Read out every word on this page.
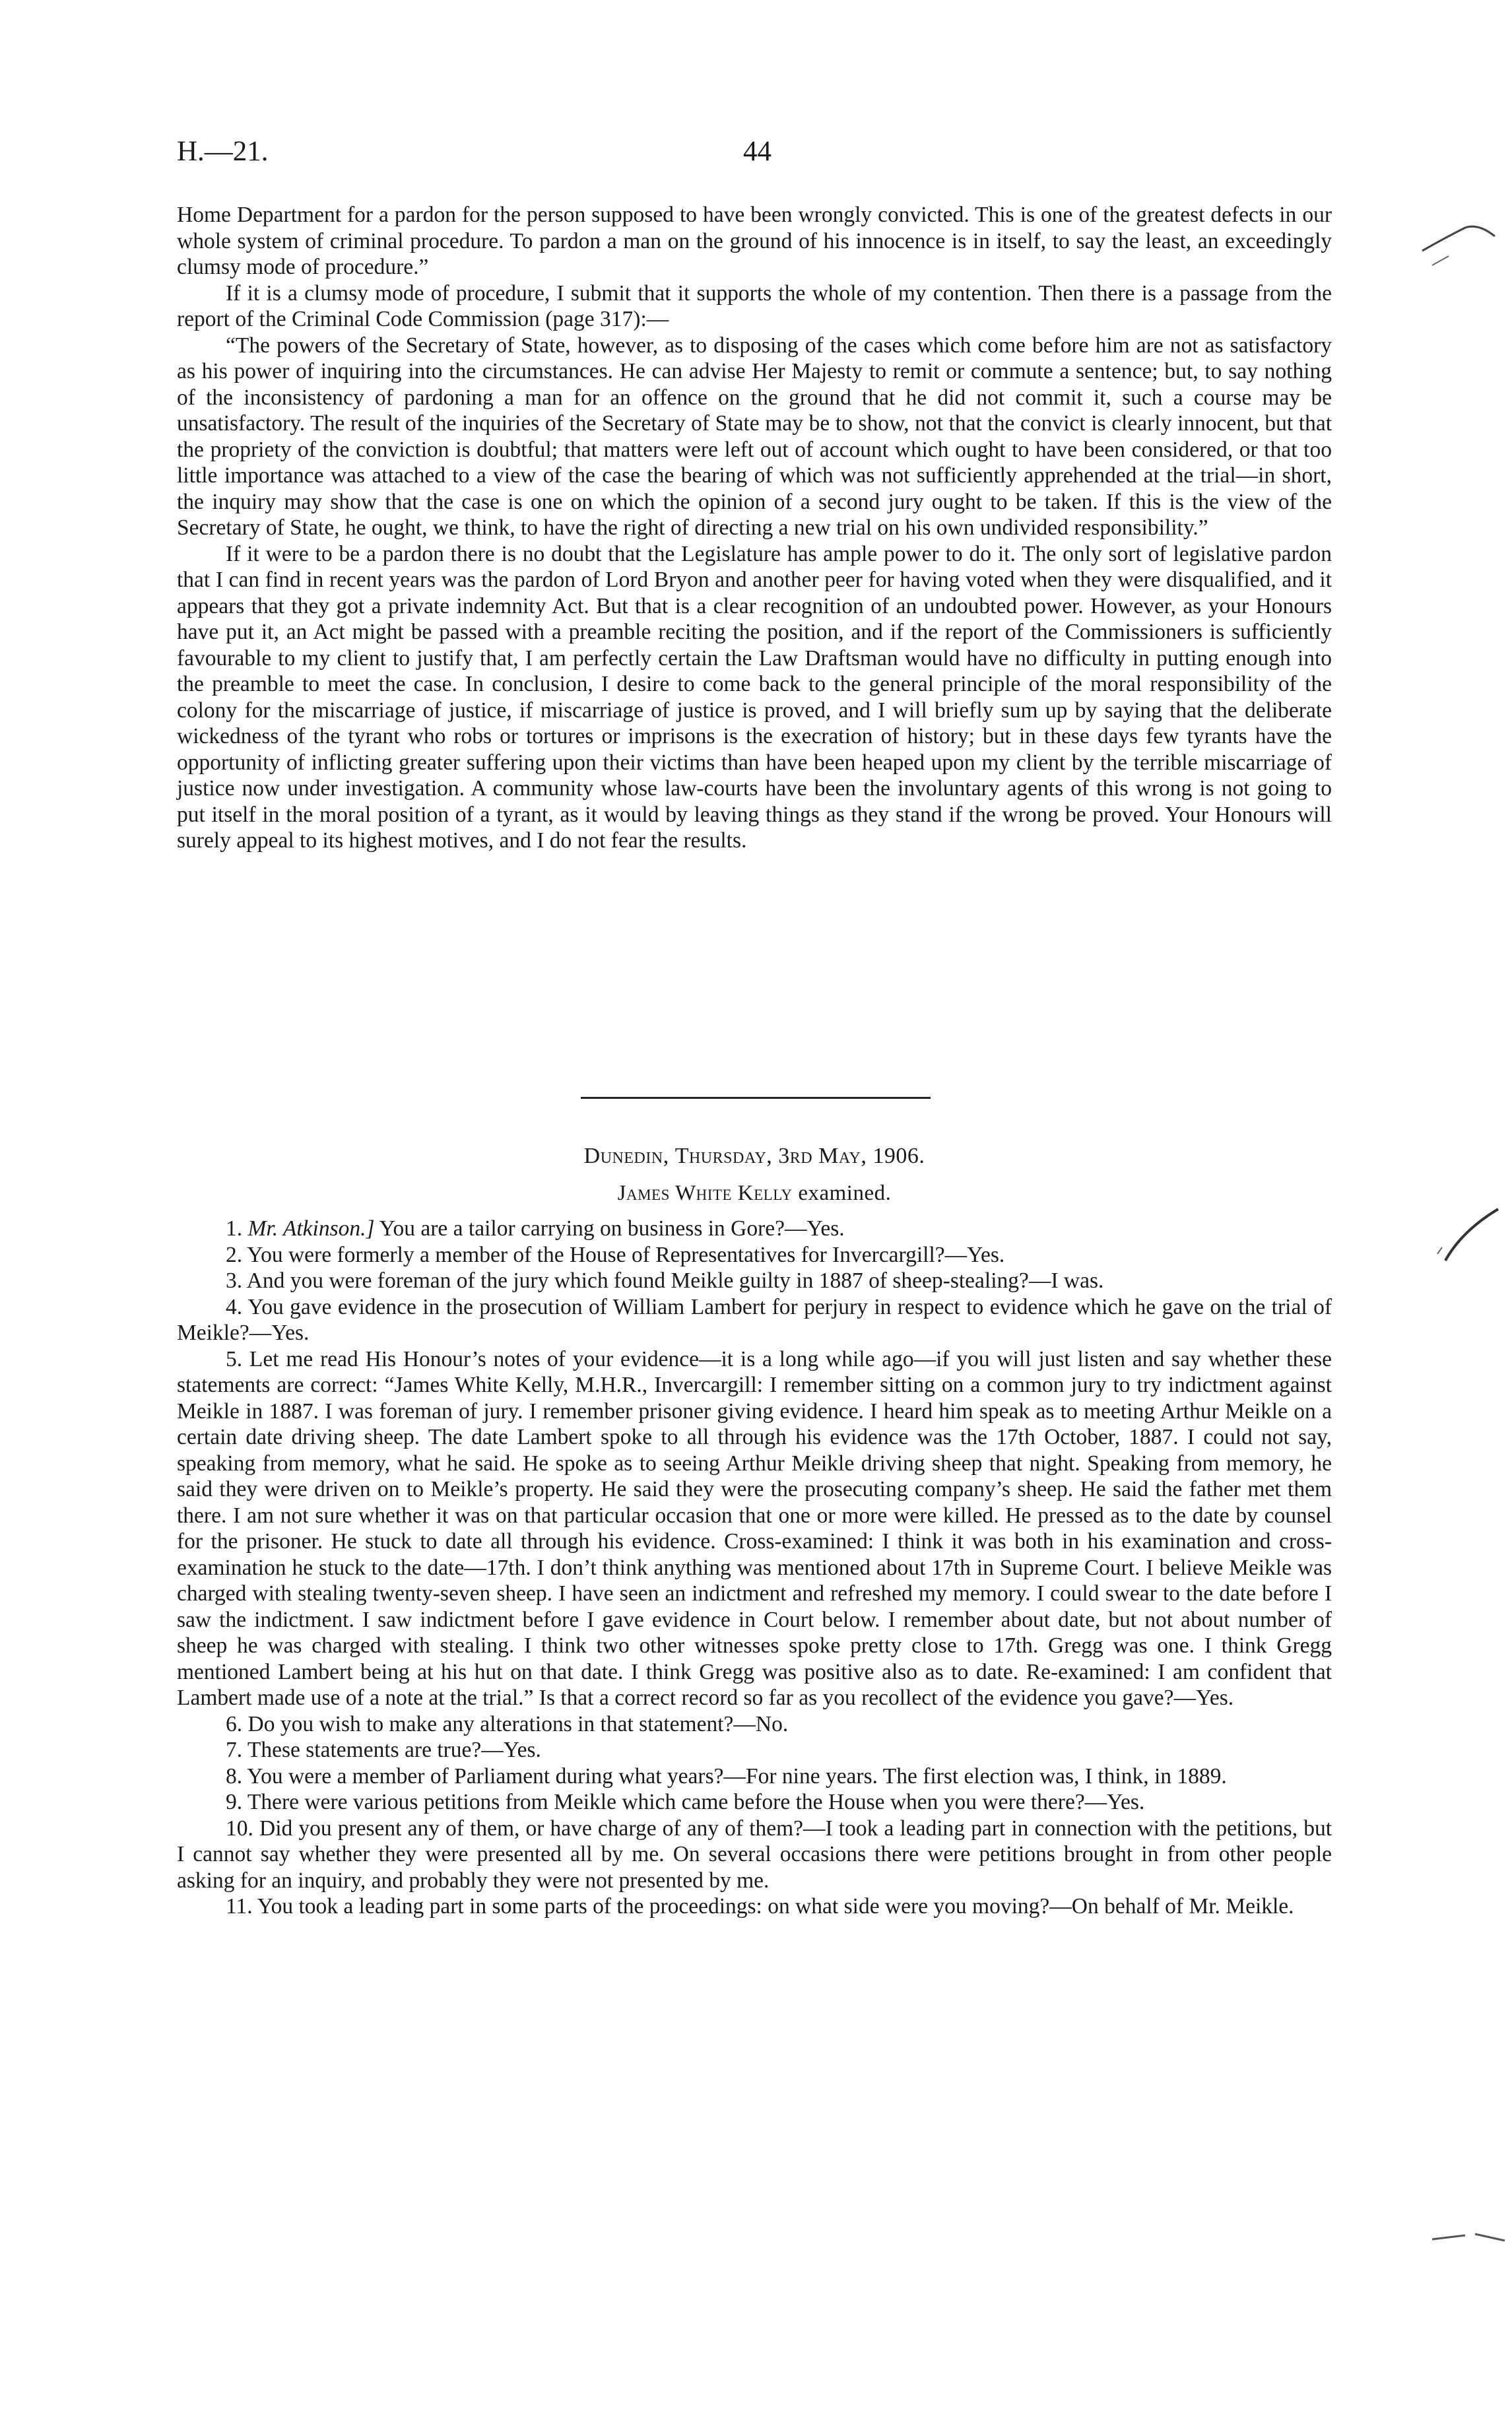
H.—21.	44

Home Department for a pardon for the person supposed to have been wrongly convicted. This is one of the greatest defects in our whole system of criminal procedure. To pardon a man on the ground of his innocence is in itself, to say the least, an exceedingly clumsy mode of procedure.”

If it is a clumsy mode of procedure, I submit that it supports the whole of my contention. Then there is a passage from the report of the Criminal Code Commission (page 317):—

“The powers of the Secretary of State, however, as to disposing of the cases which come before him are not as satisfactory as his power of inquiring into the circumstances. He can advise Her Majesty to remit or commute a sentence; but, to say nothing of the inconsistency of pardoning a man for an offence on the ground that he did not commit it, such a course may be unsatisfactory. The result of the inquiries of the Secretary of State may be to show, not that the convict is clearly innocent, but that the propriety of the conviction is doubtful; that matters were left out of account which ought to have been considered, or that too little importance was attached to a view of the case the bearing of which was not sufficiently apprehended at the trial—in short, the inquiry may show that the case is one on which the opinion of a second jury ought to be taken. If this is the view of the Secretary of State, he ought, we think, to have the right of directing a new trial on his own undivided responsibility.”

If it were to be a pardon there is no doubt that the Legislature has ample power to do it. The only sort of legislative pardon that I can find in recent years was the pardon of Lord Bryon and another peer for having voted when they were disqualified, and it appears that they got a private indemnity Act. But that is a clear recognition of an undoubted power. However, as your Honours have put it, an Act might be passed with a preamble reciting the position, and if the report of the Commissioners is sufficiently favourable to my client to justify that, I am perfectly certain the Law Draftsman would have no difficulty in putting enough into the preamble to meet the case. In conclusion, I desire to come back to the general principle of the moral responsibility of the colony for the miscarriage of justice, if miscarriage of justice is proved, and I will briefly sum up by saying that the deliberate wickedness of the tyrant who robs or tortures or imprisons is the execration of history; but in these days few tyrants have the opportunity of inflicting greater suffering upon their victims than have been heaped upon my client by the terrible miscarriage of justice now under investigation. A community whose law-courts have been the involuntary agents of this wrong is not going to put itself in the moral position of a tyrant, as it would by leaving things as they stand if the wrong be proved. Your Honours will surely appeal to its highest motives, and I do not fear the results.

Dunedin, Thursday, 3rd May, 1906.
James White Kelly examined.

1. Mr. Atkinson.] You are a tailor carrying on business in Gore?—Yes.

2. You were formerly a member of the House of Representatives for Invercargill?—Yes.

3. And you were foreman of the jury which found Meikle guilty in 1887 of sheep-stealing?—I was.

4. You gave evidence in the prosecution of William Lambert for perjury in respect to evidence which he gave on the trial of Meikle?—Yes.

5. Let me read His Honour’s notes of your evidence—it is a long while ago—if you will just listen and say whether these statements are correct: “James White Kelly, M.H.R., Invercargill: I remember sitting on a common jury to try indictment against Meikle in 1887. I was foreman of jury. I remember prisoner giving evidence. I heard him speak as to meeting Arthur Meikle on a certain date driving sheep. The date Lambert spoke to all through his evidence was the 17th October, 1887. I could not say, speaking from memory, what he said. He spoke as to seeing Arthur Meikle driving sheep that night. Speaking from memory, he said they were driven on to Meikle’s property. He said they were the prosecuting company’s sheep. He said the father met them there. I am not sure whether it was on that particular occasion that one or more were killed. He pressed as to the date by counsel for the prisoner. He stuck to date all through his evidence. Cross-examined: I think it was both in his examination and cross-examination he stuck to the date—17th. I don’t think anything was mentioned about 17th in Supreme Court. I believe Meikle was charged with stealing twenty-seven sheep. I have seen an indictment and refreshed my memory. I could swear to the date before I saw the indictment. I saw indictment before I gave evidence in Court below. I remember about date, but not about number of sheep he was charged with stealing. I think two other witnesses spoke pretty close to 17th. Gregg was one. I think Gregg mentioned Lambert being at his hut on that date. I think Gregg was positive also as to date. Re-examined: I am confident that Lambert made use of a note at the trial.” Is that a correct record so far as you recollect of the evidence you gave?—Yes.

6. Do you wish to make any alterations in that statement?—No.

7. These statements are true?—Yes.

8. You were a member of Parliament during what years?—For nine years. The first election was, I think, in 1889.

9. There were various petitions from Meikle which came before the House when you were there?—Yes.

10. Did you present any of them, or have charge of any of them?—I took a leading part in connection with the petitions, but I cannot say whether they were presented all by me. On several occasions there were petitions brought in from other people asking for an inquiry, and probably they were not presented by me.

11. You took a leading part in some parts of the proceedings: on what side were you moving?—On behalf of Mr. Meikle.
